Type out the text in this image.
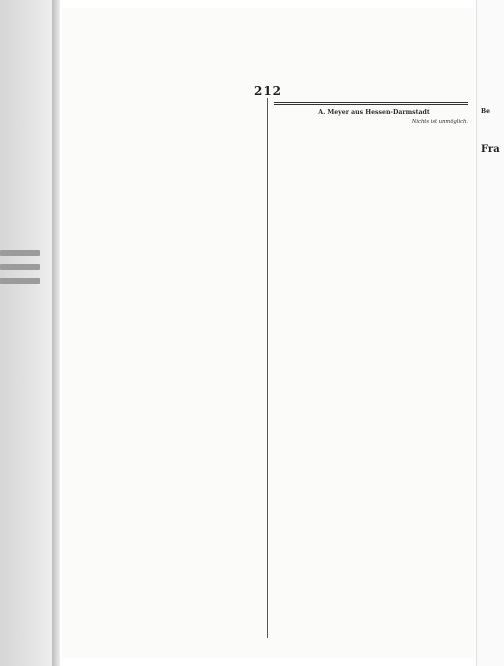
212

A. Meyer aus Hessen-Darmstadt

Nichts ist unmöglich.

Be
Fra
